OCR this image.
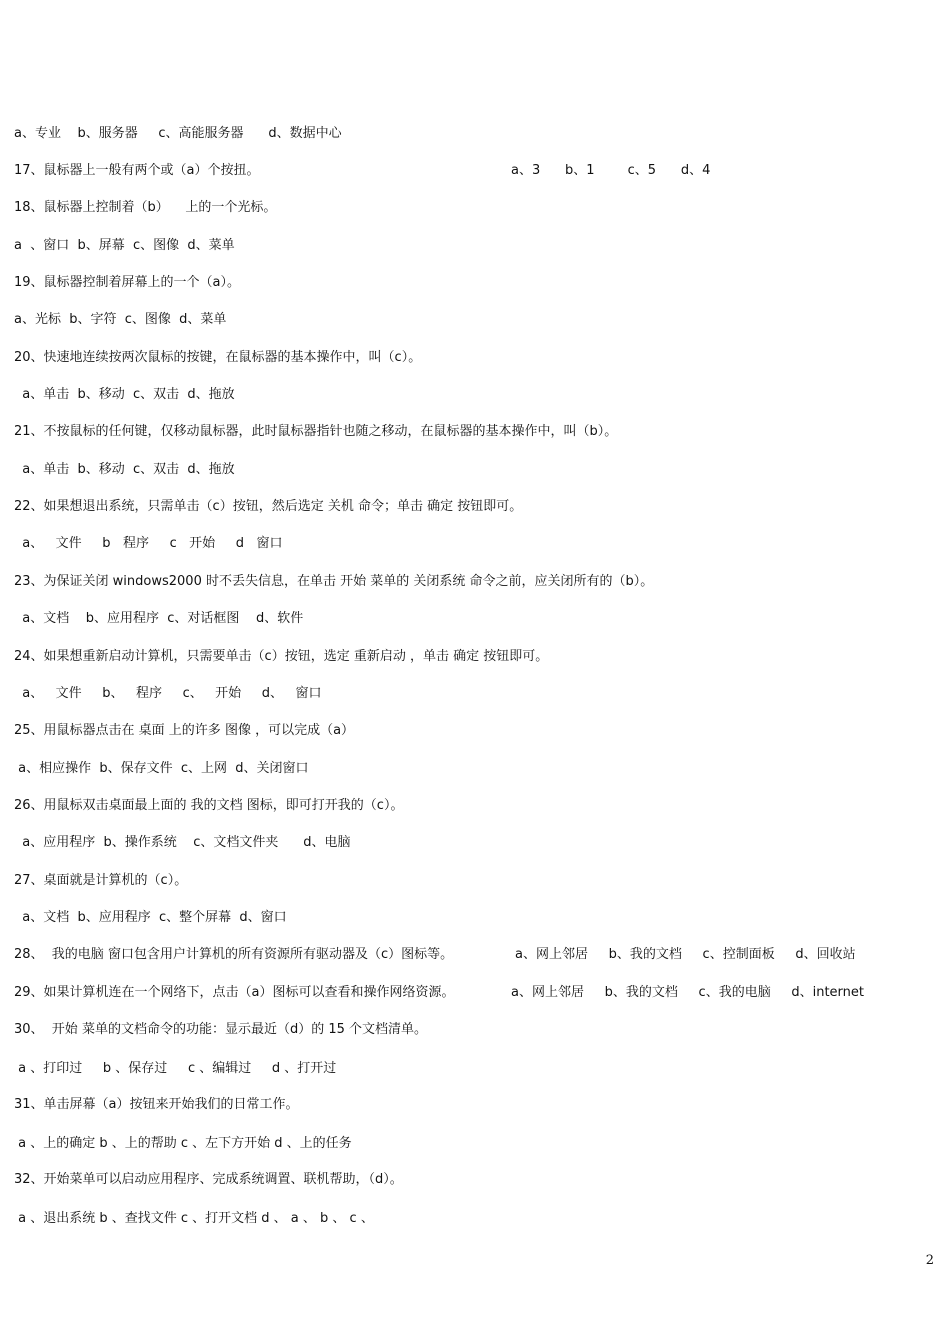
a、专业    b、服务器     c、高能服务器      d、数据中心
17、鼠标器上一般有两个或（a）个按扭。	a、3      b、1        c、5      d、4
18、鼠标器上控制着（b）    上的一个光标。
a  、窗口  b、屏幕  c、图像  d、菜单
19、鼠标器控制着屏幕上的一个（a）。
a、光标  b、字符  c、图像  d、菜单
20、快速地连续按两次鼠标的按键，在鼠标器的基本操作中，叫（c）。
a、单击  b、移动  c、双击  d、拖放
21、不按鼠标的任何键，仅移动鼠标器，此时鼠标器指针也随之移动，在鼠标器的基本操作中，叫（b）。
a、单击  b、移动  c、双击  d、拖放
22、如果想退出系统，只需单击（c）按钮，然后选定 关机 命令；单击 确定 按钮即可。
a、   文件     b   程序     c   开始     d   窗口
23、为保证关闭 windows2000 时不丢失信息，在单击 开始 菜单的 关闭系统 命令之前，应关闭所有的（b）。
a、文档    b、应用程序  c、对话框图    d、软件
24、如果想重新启动计算机，只需要单击（c）按钮，选定 重新启动 ，单击 确定 按钮即可。
a、   文件     b、   程序     c、   开始     d、   窗口
25、用鼠标器点击在 桌面 上的许多 图像 ，可以完成（a）
a、相应操作  b、保存文件  c、上网  d、关闭窗口
26、用鼠标双击桌面最上面的 我的文档 图标，即可打开我的（c）。
a、应用程序  b、操作系统    c、文档文件夹      d、电脑
27、桌面就是计算机的（c）。
a、文档  b、应用程序  c、整个屏幕  d、窗口
28、  我的电脑 窗口包含用户计算机的所有资源所有驱动器及（c）图标等。	a、网上邻居     b、我的文档     c、控制面板     d、回收站
29、如果计算机连在一个网络下，点击（a）图标可以查看和操作网络资源。	a、网上邻居     b、我的文档     c、我的电脑     d、internet
30、  开始 菜单的文档命令的功能：显示最近（d）的 15 个文档清单。
a 、打印过     b 、保存过     c 、编辑过     d 、打开过
31、单击屏幕（a）按钮来开始我们的日常工作。
a 、上的确定 b 、上的帮助 c 、左下方开始 d 、上的任务
32、开始菜单可以启动应用程序、完成系统调置、联机帮助，（d）。
a 、退出系统 b 、查找文件 c 、打开文档 d 、 a 、 b 、 c 、
2
